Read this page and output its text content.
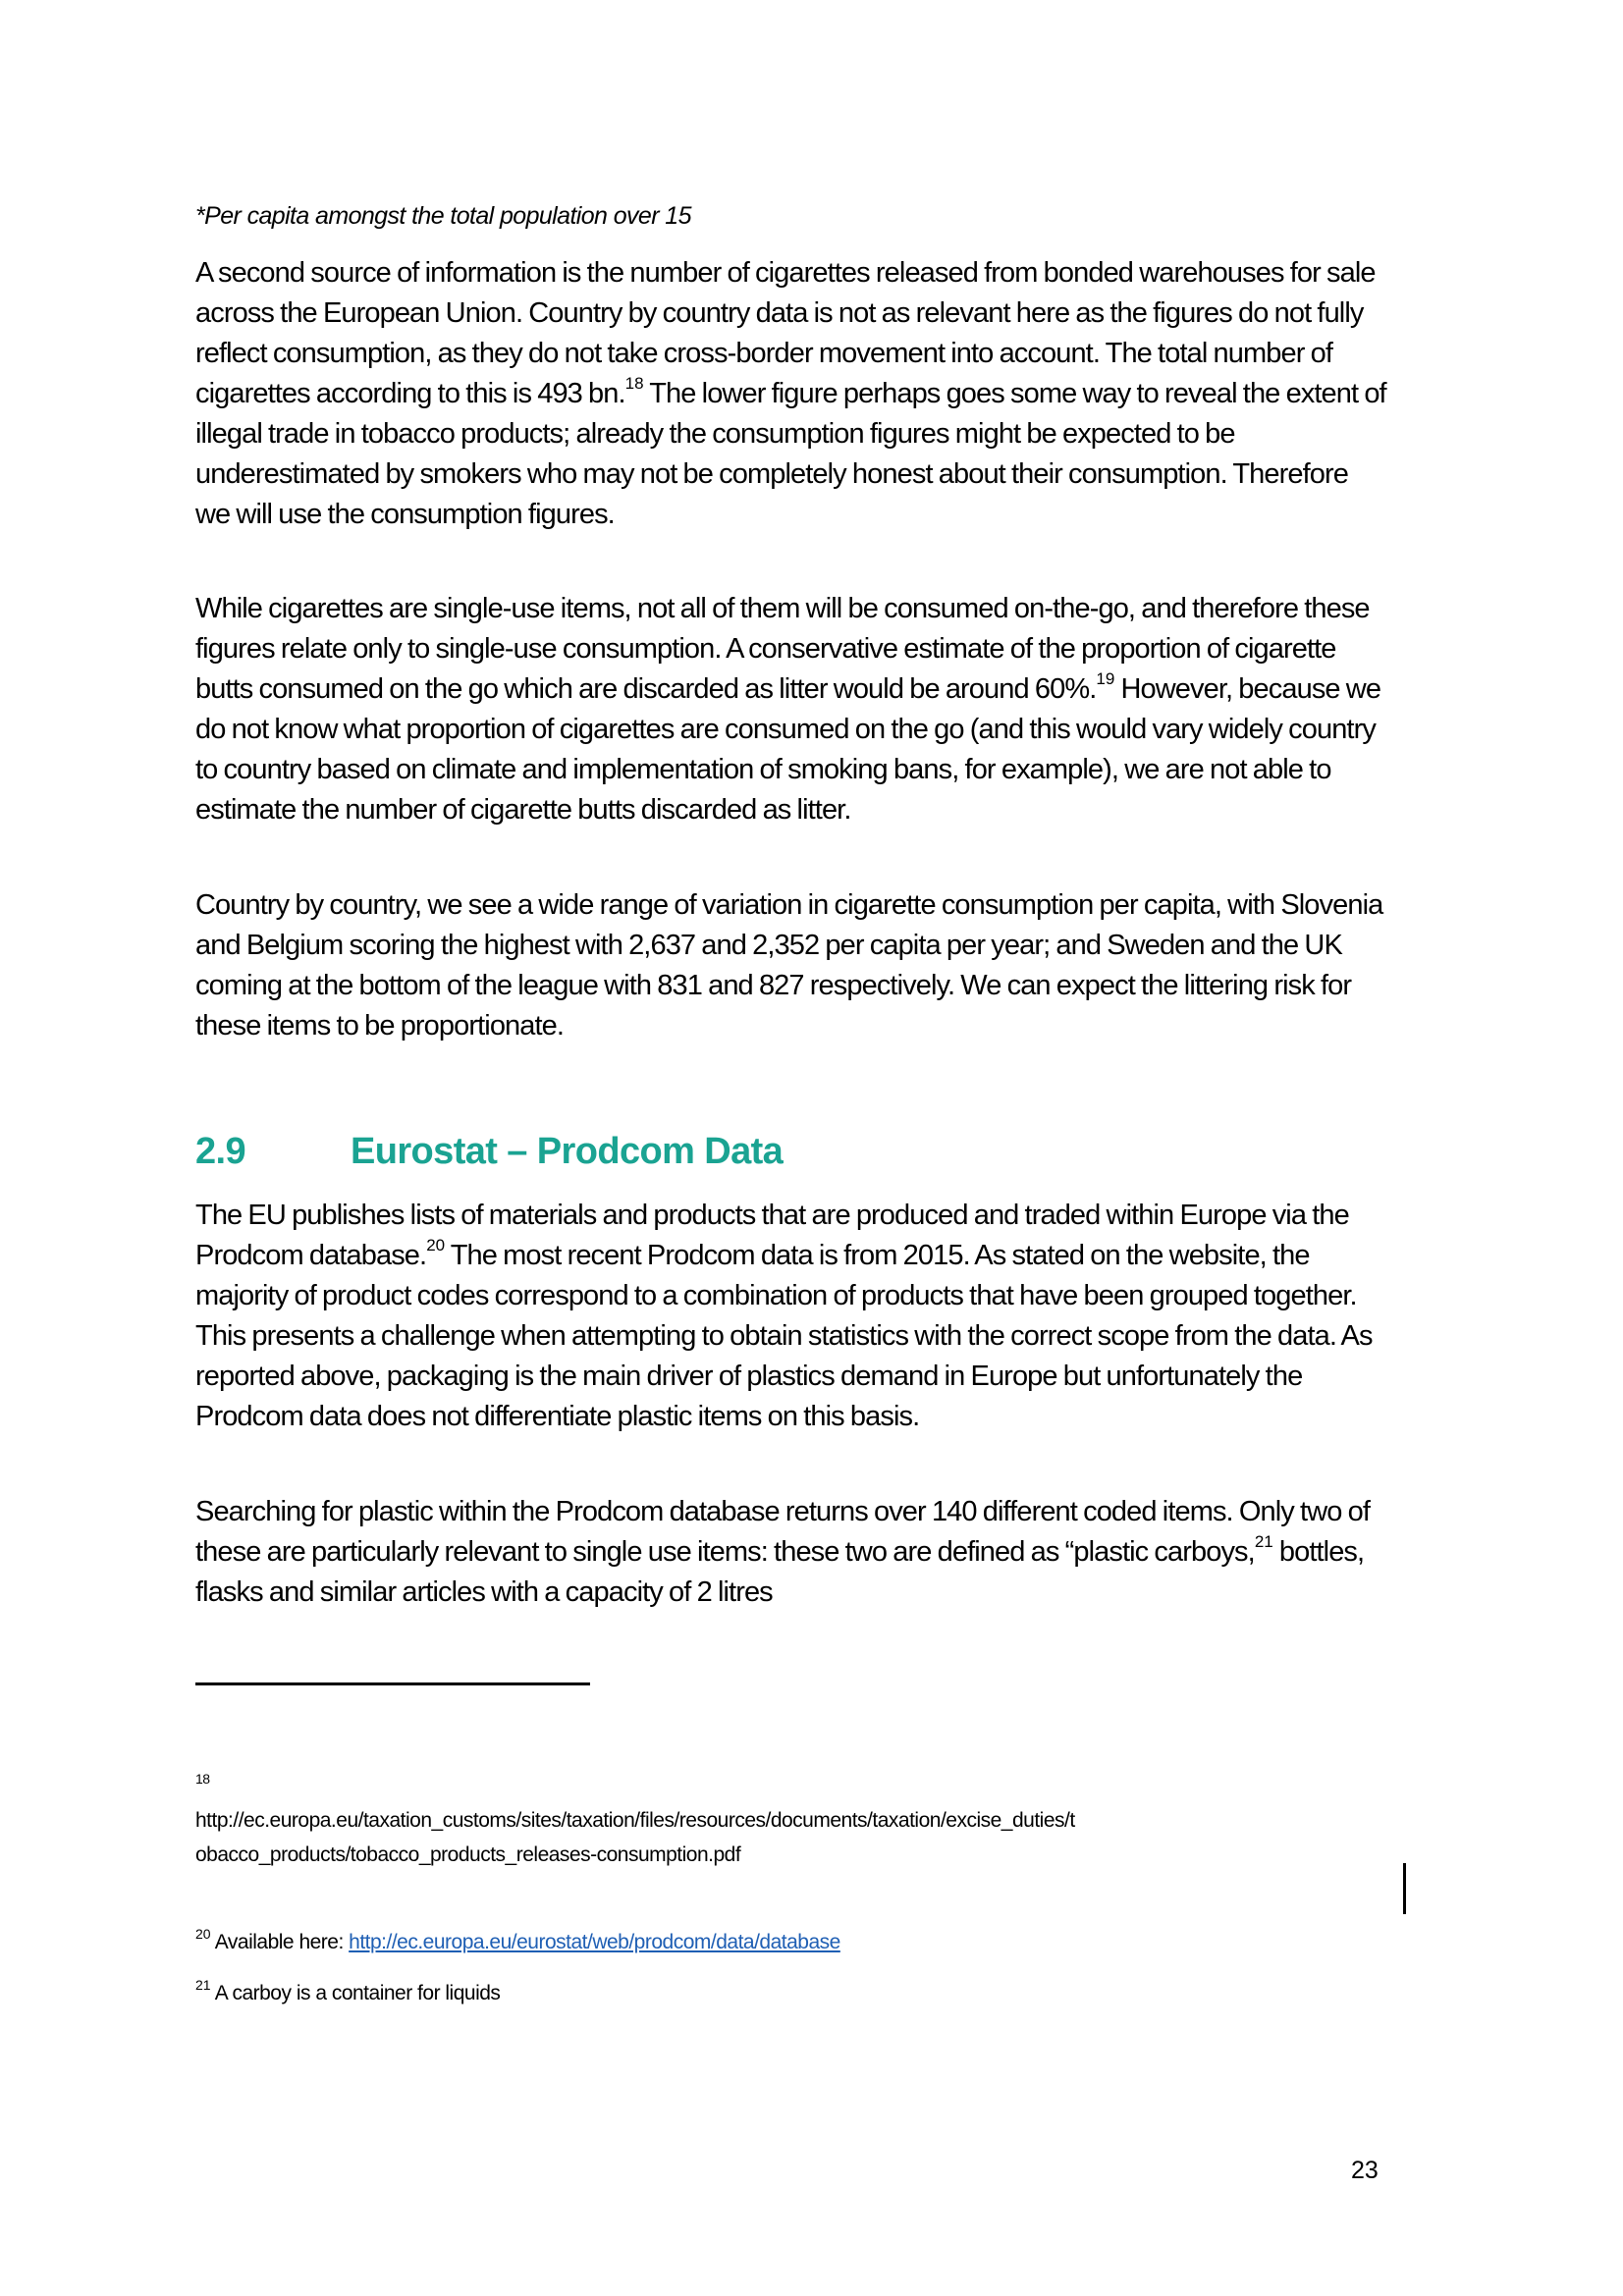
*Per capita amongst the total population over 15

A second source of information is the number of cigarettes released from bonded warehouses for sale across the European Union. Country by country data is not as relevant here as the figures do not fully reflect consumption, as they do not take cross-border movement into account. The total number of cigarettes according to this is 493 bn.$^{18}$ The lower figure perhaps goes some way to reveal the extent of illegal trade in tobacco products; already the consumption figures might be expected to be underestimated by smokers who may not be completely honest about their consumption. Therefore we will use the consumption figures.

While cigarettes are single-use items, not all of them will be consumed on-the-go, and therefore these figures relate only to single-use consumption. A conservative estimate of the proportion of cigarette butts consumed on the go which are discarded as litter would be around 60%.$^{19}$ However, because we do not know what proportion of cigarettes are consumed on the go (and this would vary widely country to country based on climate and implementation of smoking bans, for example), we are not able to estimate the number of cigarette butts discarded as litter.

Country by country, we see a wide range of variation in cigarette consumption per capita, with Slovenia and Belgium scoring the highest with 2,637 and 2,352 per capita per year; and Sweden and the UK coming at the bottom of the league with 831 and 827 respectively. We can expect the littering risk for these items to be proportionate.

2.9	Eurostat – Prodcom Data

The EU publishes lists of materials and products that are produced and traded within Europe via the Prodcom database.$^{20}$ The most recent Prodcom data is from 2015. As stated on the website, the majority of product codes correspond to a combination of products that have been grouped together. This presents a challenge when attempting to obtain statistics with the correct scope from the data. As reported above, packaging is the main driver of plastics demand in Europe but unfortunately the Prodcom data does not differentiate plastic items on this basis.

Searching for plastic within the Prodcom database returns over 140 different coded items. Only two of these are particularly relevant to single use items: these two are defined as “plastic carboys,$^{21}$ bottles, flasks and similar articles with a capacity of 2 litres

18

http://ec.europa.eu/taxation_customs/sites/taxation/files/resources/documents/taxation/excise_duties/t

obacco_products/tobacco_products_releases-consumption.pdf

$^{20}$ Available here: http://ec.europa.eu/eurostat/web/prodcom/data/database

$^{21}$ A carboy is a container for liquids

23
